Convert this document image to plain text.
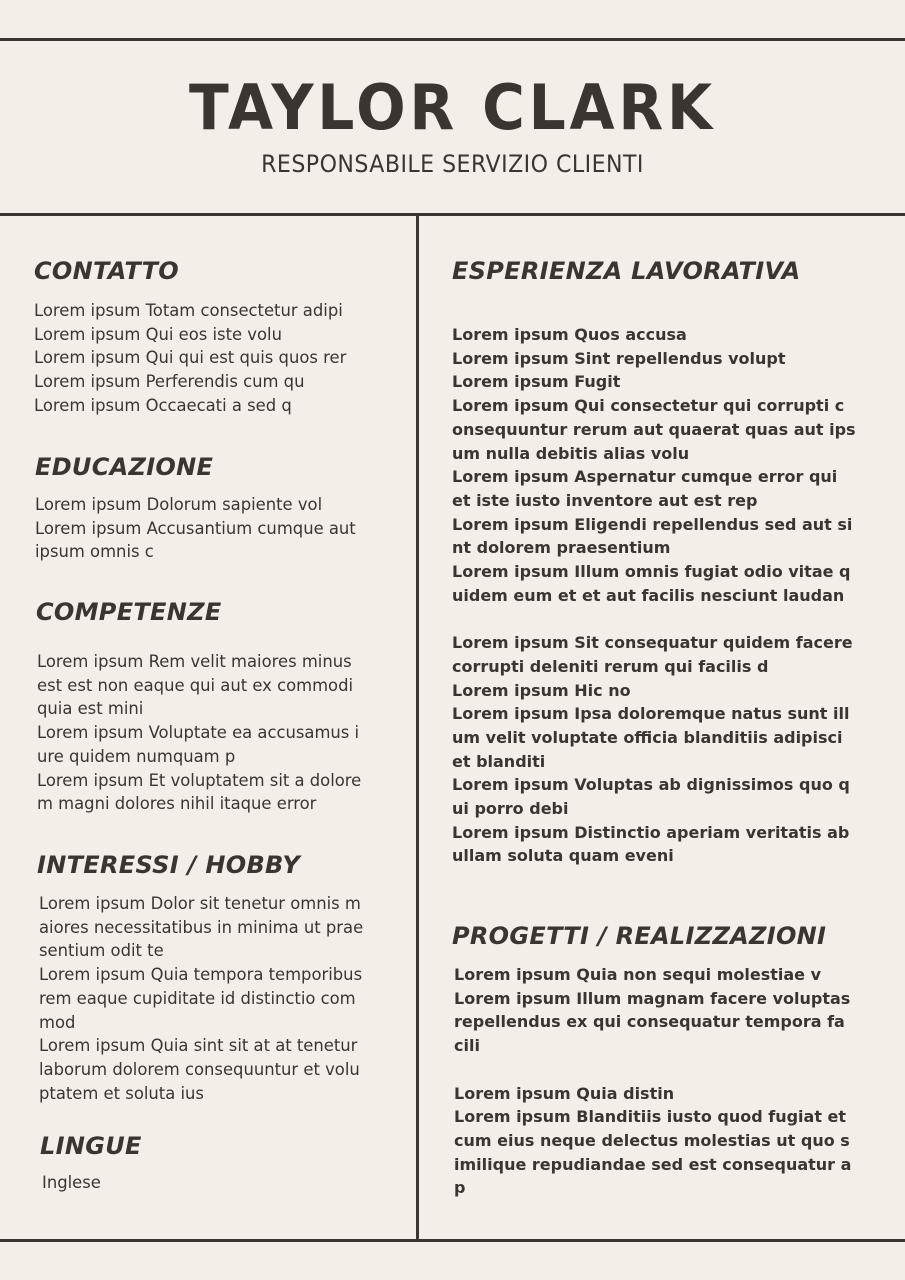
TAYLOR CLARK
RESPONSABILE SERVIZIO CLIENTI
CONTATTO
Lorem ipsum Totam consectetur adipi
Lorem ipsum Qui eos iste volu
Lorem ipsum Qui qui est quis quos rer
Lorem ipsum Perferendis cum qu
Lorem ipsum Occaecati a sed q
EDUCAZIONE
Lorem ipsum Dolorum sapiente vol
Lorem ipsum Accusantium cumque aut
ipsum omnis c
COMPETENZE
Lorem ipsum Rem velit maiores minus
est est non eaque qui aut ex commodi
quia est mini
Lorem ipsum Voluptate ea accusamus i
ure quidem numquam p
Lorem ipsum Et voluptatem sit a dolore
m magni dolores nihil itaque error
INTERESSI / HOBBY
Lorem ipsum Dolor sit tenetur omnis m
aiores necessitatibus in minima ut prae
sentium odit te
Lorem ipsum Quia tempora temporibus
rem eaque cupiditate id distinctio com
mod
Lorem ipsum Quia sint sit at at tenetur
laborum dolorem consequuntur et volu
ptatem et soluta ius
LINGUE
Inglese
ESPERIENZA LAVORATIVA
Lorem ipsum Quos accusa
Lorem ipsum Sint repellendus volupt
Lorem ipsum Fugit
Lorem ipsum Qui consectetur qui corrupti c
onsequuntur rerum aut quaerat quas aut ips
um nulla debitis alias volu
Lorem ipsum Aspernatur cumque error qui
et iste iusto inventore aut est rep
Lorem ipsum Eligendi repellendus sed aut si
nt dolorem praesentium
Lorem ipsum Illum omnis fugiat odio vitae q
uidem eum et et aut facilis nesciunt laudan
Lorem ipsum Sit consequatur quidem facere
corrupti deleniti rerum qui facilis d
Lorem ipsum Hic no
Lorem ipsum Ipsa doloremque natus sunt ill
um velit voluptate officia blanditiis adipisci
et blanditi
Lorem ipsum Voluptas ab dignissimos quo q
ui porro debi
Lorem ipsum Distinctio aperiam veritatis ab
ullam soluta quam eveni
PROGETTI / REALIZZAZIONI
Lorem ipsum Quia non sequi molestiae v
Lorem ipsum Illum magnam facere voluptas
repellendus ex qui consequatur tempora fa
cili
Lorem ipsum Quia distin
Lorem ipsum Blanditiis iusto quod fugiat et
cum eius neque delectus molestias ut quo s
imilique repudiandae sed est consequatur a
p
